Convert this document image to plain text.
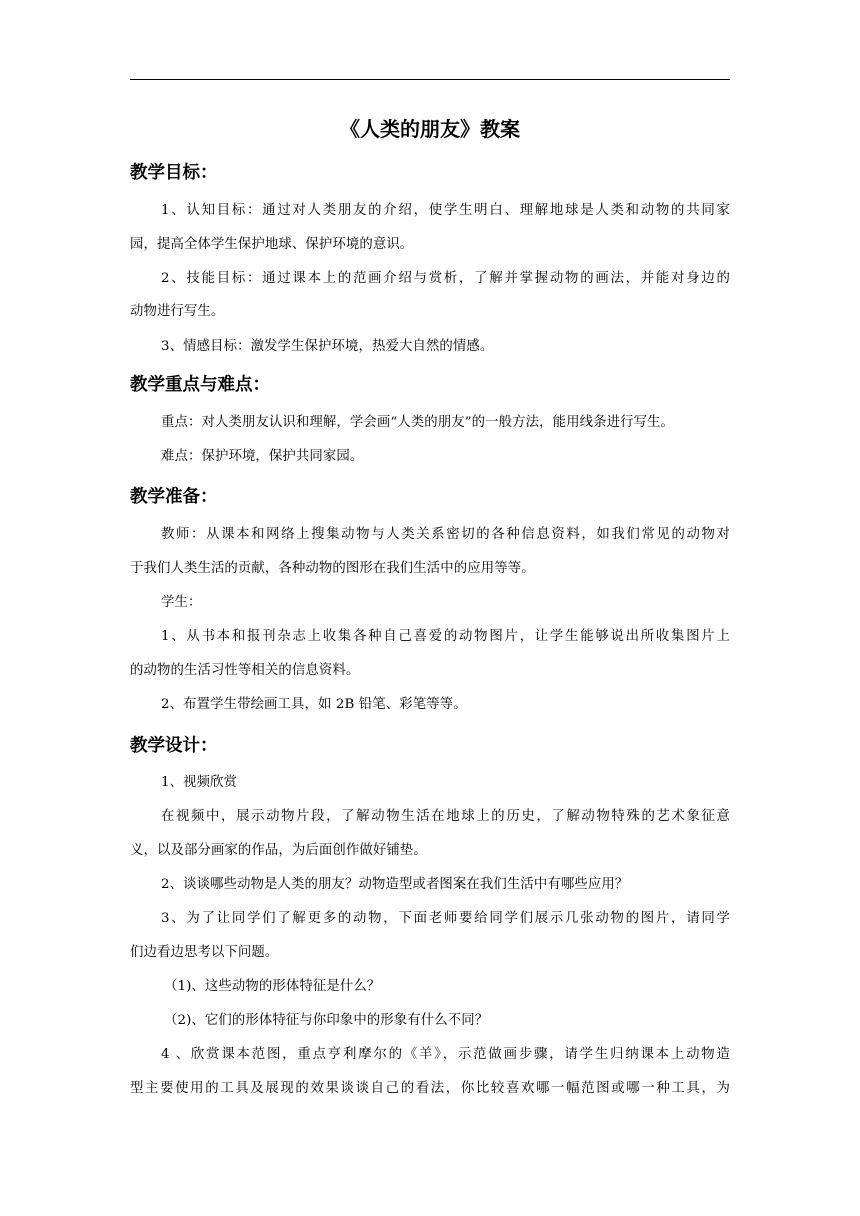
《人类的朋友》教案
教学目标：
1、认知目标：通过对人类朋友的介绍，使学生明白、理解地球是人类和动物的共同家
园，提高全体学生保护地球、保护环境的意识。
2、技能目标：通过课本上的范画介绍与赏析，了解并掌握动物的画法，并能对身边的
动物进行写生。
3、情感目标：激发学生保护环境，热爱大自然的情感。
教学重点与难点：
重点：对人类朋友认识和理解，学会画“人类的朋友”的一般方法，能用线条进行写生。
难点：保护环境，保护共同家园。
教学准备：
教师：从课本和网络上搜集动物与人类关系密切的各种信息资料，如我们常见的动物对
于我们人类生活的贡献，各种动物的图形在我们生活中的应用等等。
学生：
1、从书本和报刊杂志上收集各种自己喜爱的动物图片，让学生能够说出所收集图片上
的动物的生活习性等相关的信息资料。
2、布置学生带绘画工具，如 2B 铅笔、彩笔等等。
教学设计：
1、视频欣赏
在视频中，展示动物片段，了解动物生活在地球上的历史，了解动物特殊的艺术象征意
义，以及部分画家的作品，为后面创作做好铺垫。
2、谈谈哪些动物是人类的朋友？动物造型或者图案在我们生活中有哪些应用？
3、为了让同学们了解更多的动物，下面老师要给同学们展示几张动物的图片，请同学
们边看边思考以下问题。
（1)、这些动物的形体特征是什么？
（2)、它们的形体特征与你印象中的形象有什么不同？
4 、欣赏课本范图，重点亨利摩尔的《羊》，示范做画步骤，请学生归纳课本上动物造
型主要使用的工具及展现的效果谈谈自己的看法，你比较喜欢哪一幅范图或哪一种工具，为
